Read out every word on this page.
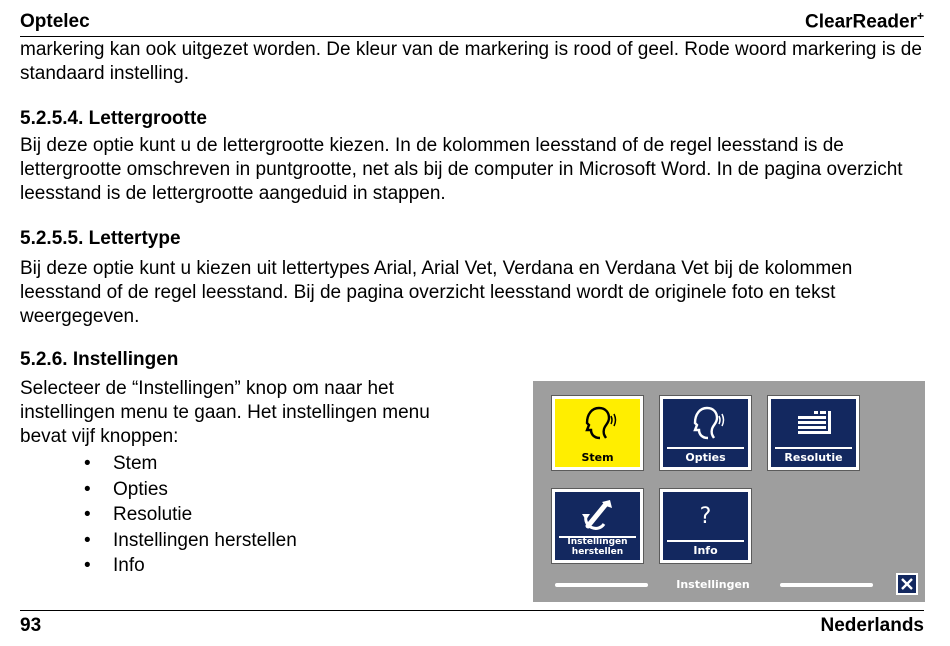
Optelec	ClearReader+

markering kan ook uitgezet worden. De kleur van de markering is rood of geel. Rode woord markering is de standaard instelling.

5.2.5.4. Lettergrootte

Bij deze optie kunt u de lettergrootte kiezen. In de kolommen leesstand of de regel leesstand is de lettergrootte omschreven in puntgrootte, net als bij de computer in Microsoft Word. In de pagina overzicht leesstand is de lettergrootte aangeduid in stappen.

5.2.5.5. Lettertype

Bij deze optie kunt u kiezen uit lettertypes Arial, Arial Vet, Verdana en Verdana Vet bij de kolommen leesstand of de regel leesstand. Bij de pagina overzicht leesstand wordt de originele foto en tekst weergegeven.

5.2.6. Instellingen

Selecteer de “Instellingen” knop om naar het instellingen menu te gaan. Het instellingen menu bevat vijf knoppen:

• Stem
• Opties
• Resolutie
• Instellingen herstellen
• Info
Stem	Opties	Resolutie
Instellingen
herstellen
?
Info
Instellingen
93	Nederlands
